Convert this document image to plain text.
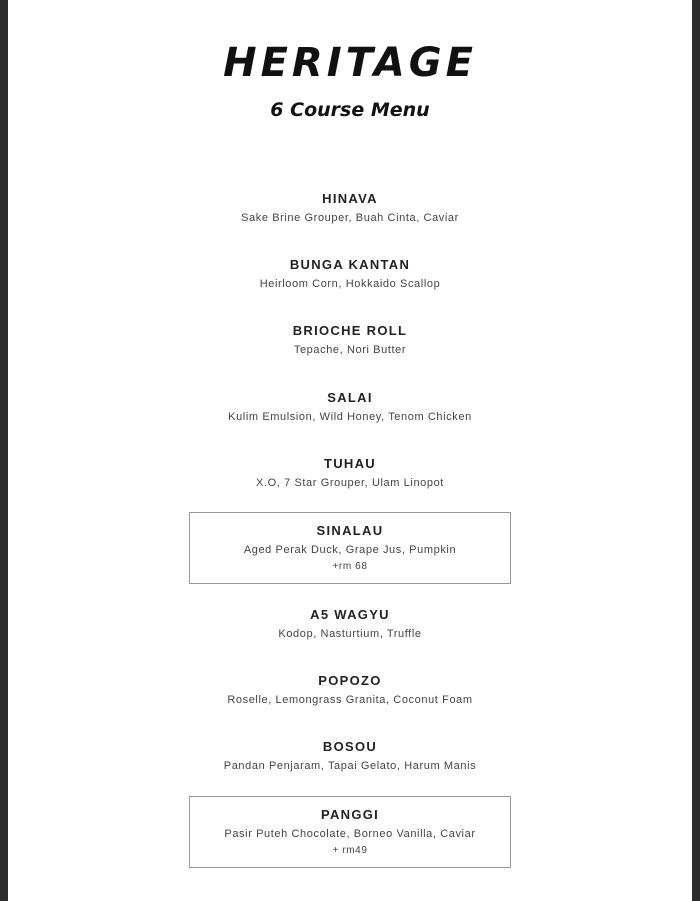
HERITAGE
6 Course Menu
HINAVA
Sake Brine Grouper, Buah Cinta, Caviar
BUNGA KANTAN
Heirloom Corn, Hokkaido Scallop
BRIOCHE ROLL
Tepache, Nori Butter
SALAI
Kulim Emulsion, Wild Honey, Tenom Chicken
TUHAU
X.O, 7 Star Grouper, Ulam Linopot
SINALAU
Aged Perak Duck, Grape Jus, Pumpkin
+rm 68
A5 WAGYU
Kodop, Nasturtium, Truffle
POPOZO
Roselle, Lemongrass Granita, Coconut Foam
BOSOU
Pandan Penjaram, Tapai Gelato, Harum Manis
PANGGI
Pasir Puteh Chocolate, Borneo Vanilla, Caviar
+ rm49
